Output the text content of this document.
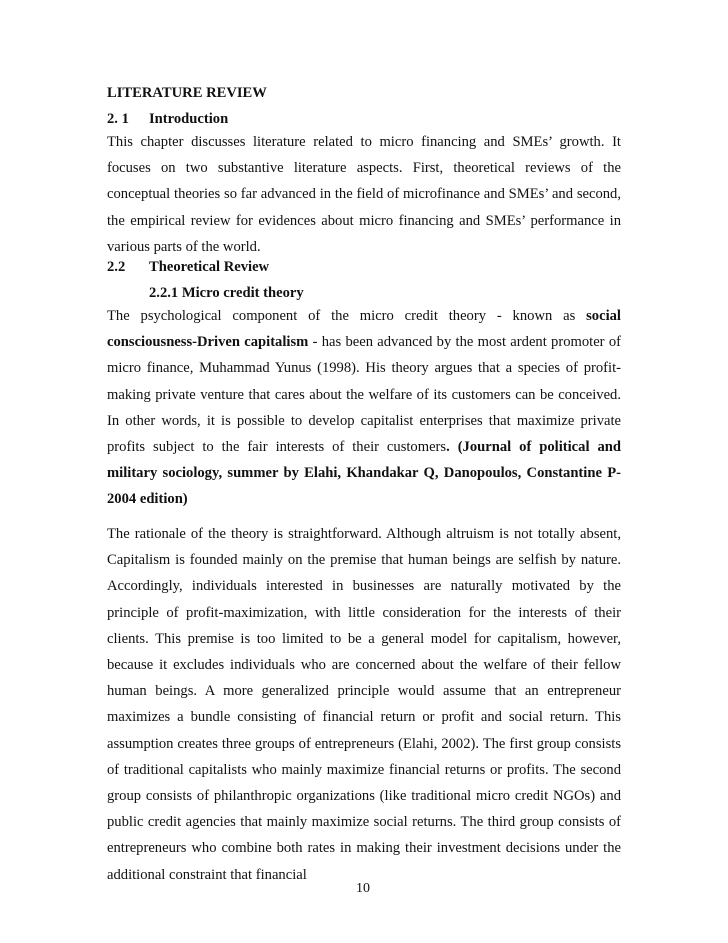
LITERATURE REVIEW
2. 1 Introduction
This chapter discusses literature related to micro financing and SMEs’ growth. It focuses on two substantive literature aspects. First, theoretical reviews of the conceptual theories so far advanced in the field of microfinance and SMEs’ and second, the empirical review for evidences about micro financing and SMEs’ performance in various parts of the world.
2.2 Theoretical Review
2.2.1 Micro credit theory
The psychological component of the micro credit theory - known as social consciousness-Driven capitalism - has been advanced by the most ardent promoter of micro finance, Muhammad Yunus (1998). His theory argues that a species of profit-making private venture that cares about the welfare of its customers can be conceived. In other words, it is possible to develop capitalist enterprises that maximize private profits subject to the fair interests of their customers. (Journal of political and military sociology, summer by Elahi, Khandakar Q, Danopoulos, Constantine P- 2004 edition)
The rationale of the theory is straightforward. Although altruism is not totally absent, Capitalism is founded mainly on the premise that human beings are selfish by nature. Accordingly, individuals interested in businesses are naturally motivated by the principle of profit-maximization, with little consideration for the interests of their clients. This premise is too limited to be a general model for capitalism, however, because it excludes individuals who are concerned about the welfare of their fellow human beings. A more generalized principle would assume that an entrepreneur maximizes a bundle consisting of financial return or profit and social return. This assumption creates three groups of entrepreneurs (Elahi, 2002). The first group consists of traditional capitalists who mainly maximize financial returns or profits. The second group consists of philanthropic organizations (like traditional micro credit NGOs) and public credit agencies that mainly maximize social returns. The third group consists of entrepreneurs who combine both rates in making their investment decisions under the additional constraint that financial
10
